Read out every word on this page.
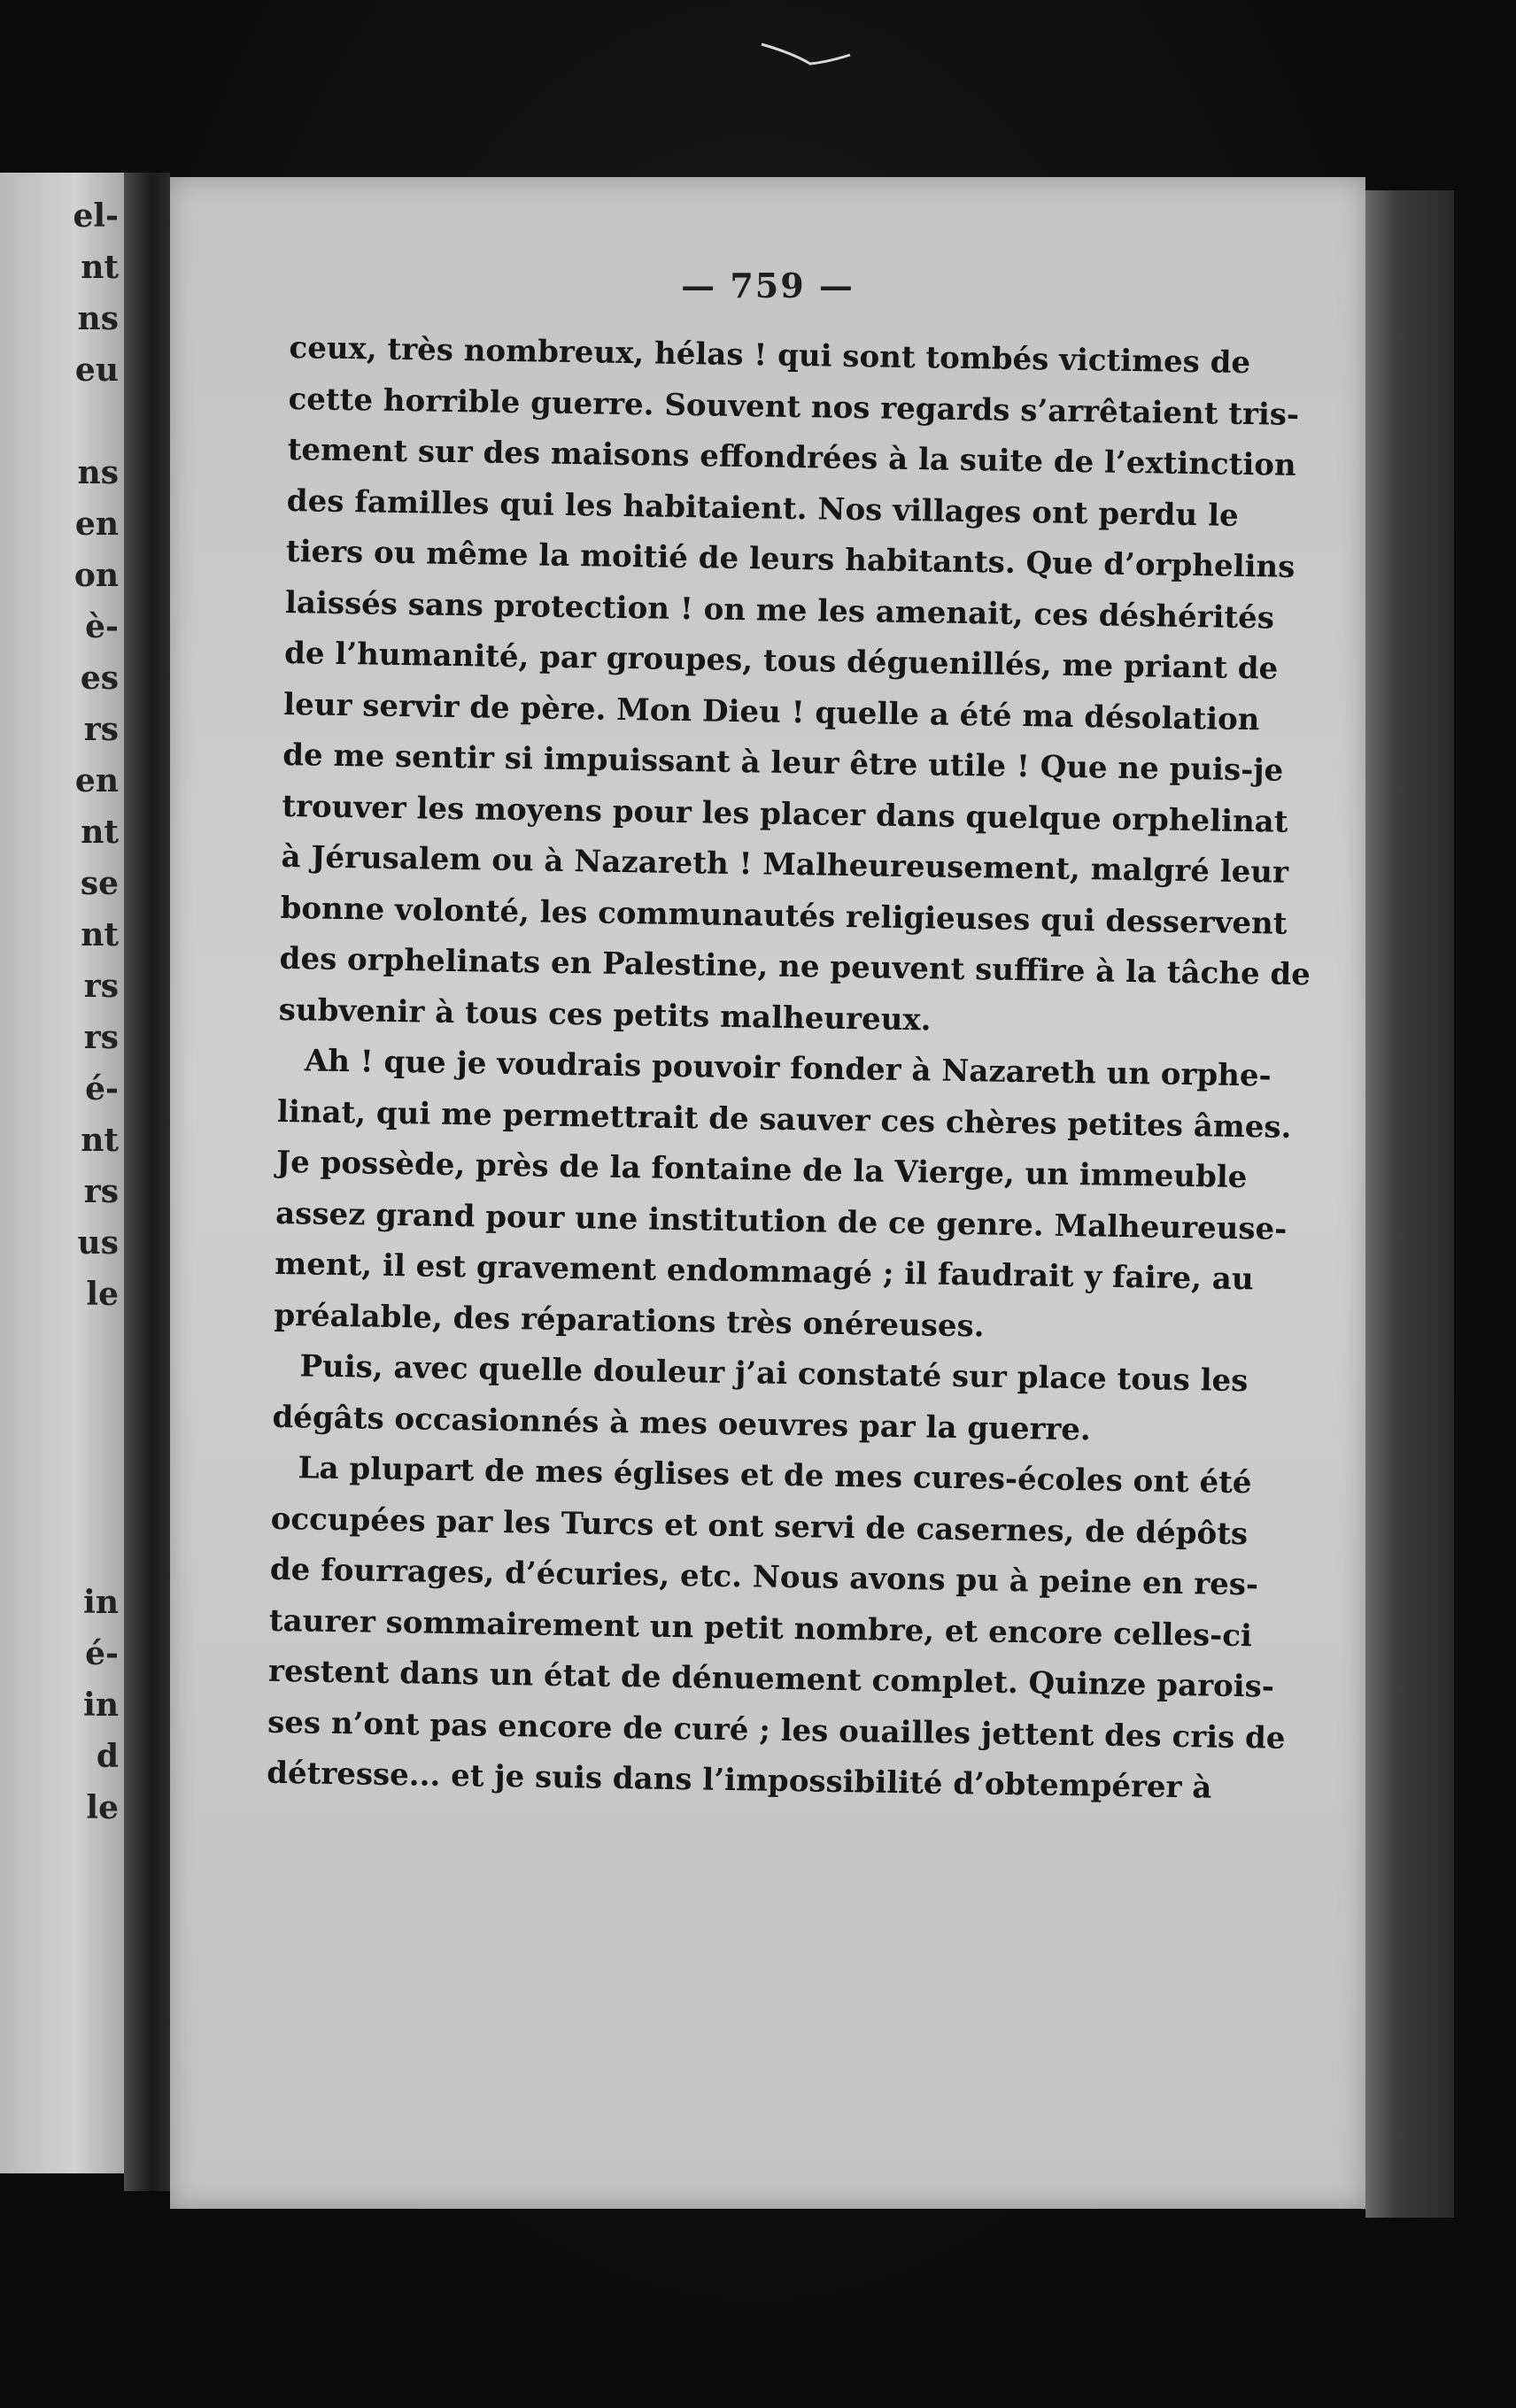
el-
nt
ns
eu
ns
en
on
è-
es
rs
en
nt
se
nt
rs
rs
é-
nt
rs
us
le
in
é-
in
d
le
— 759 —
ceux, très nombreux, hélas ! qui sont tombés victimes de
cette horrible guerre. Souvent nos regards s’arrêtaient tris-
tement sur des maisons effondrées à la suite de l’extinction
des familles qui les habitaient. Nos villages ont perdu le
tiers ou même la moitié de leurs habitants. Que d’orphelins
laissés sans protection ! on me les amenait, ces déshérités
de l’humanité, par groupes, tous déguenillés, me priant de
leur servir de père. Mon Dieu ! quelle a été ma désolation
de me sentir si impuissant à leur être utile ! Que ne puis-je
trouver les moyens pour les placer dans quelque orphelinat
à Jérusalem ou à Nazareth ! Malheureusement, malgré leur
bonne volonté, les communautés religieuses qui desservent
des orphelinats en Palestine, ne peuvent suffire à la tâche de
subvenir à tous ces petits malheureux.
Ah ! que je voudrais pouvoir fonder à Nazareth un orphe-
linat, qui me permettrait de sauver ces chères petites âmes.
Je possède, près de la fontaine de la Vierge, un immeuble
assez grand pour une institution de ce genre. Malheureuse-
ment, il est gravement endommagé ; il faudrait y faire, au
préalable, des réparations très onéreuses.
Puis, avec quelle douleur j’ai constaté sur place tous les
dégâts occasionnés à mes oeuvres par la guerre.
La plupart de mes églises et de mes cures-écoles ont été
occupées par les Turcs et ont servi de casernes, de dépôts
de fourrages, d’écuries, etc. Nous avons pu à peine en res-
taurer sommairement un petit nombre, et encore celles-ci
restent dans un état de dénuement complet. Quinze parois-
ses n’ont pas encore de curé ; les ouailles jettent des cris de
détresse... et je suis dans l’impossibilité d’obtempérer à
